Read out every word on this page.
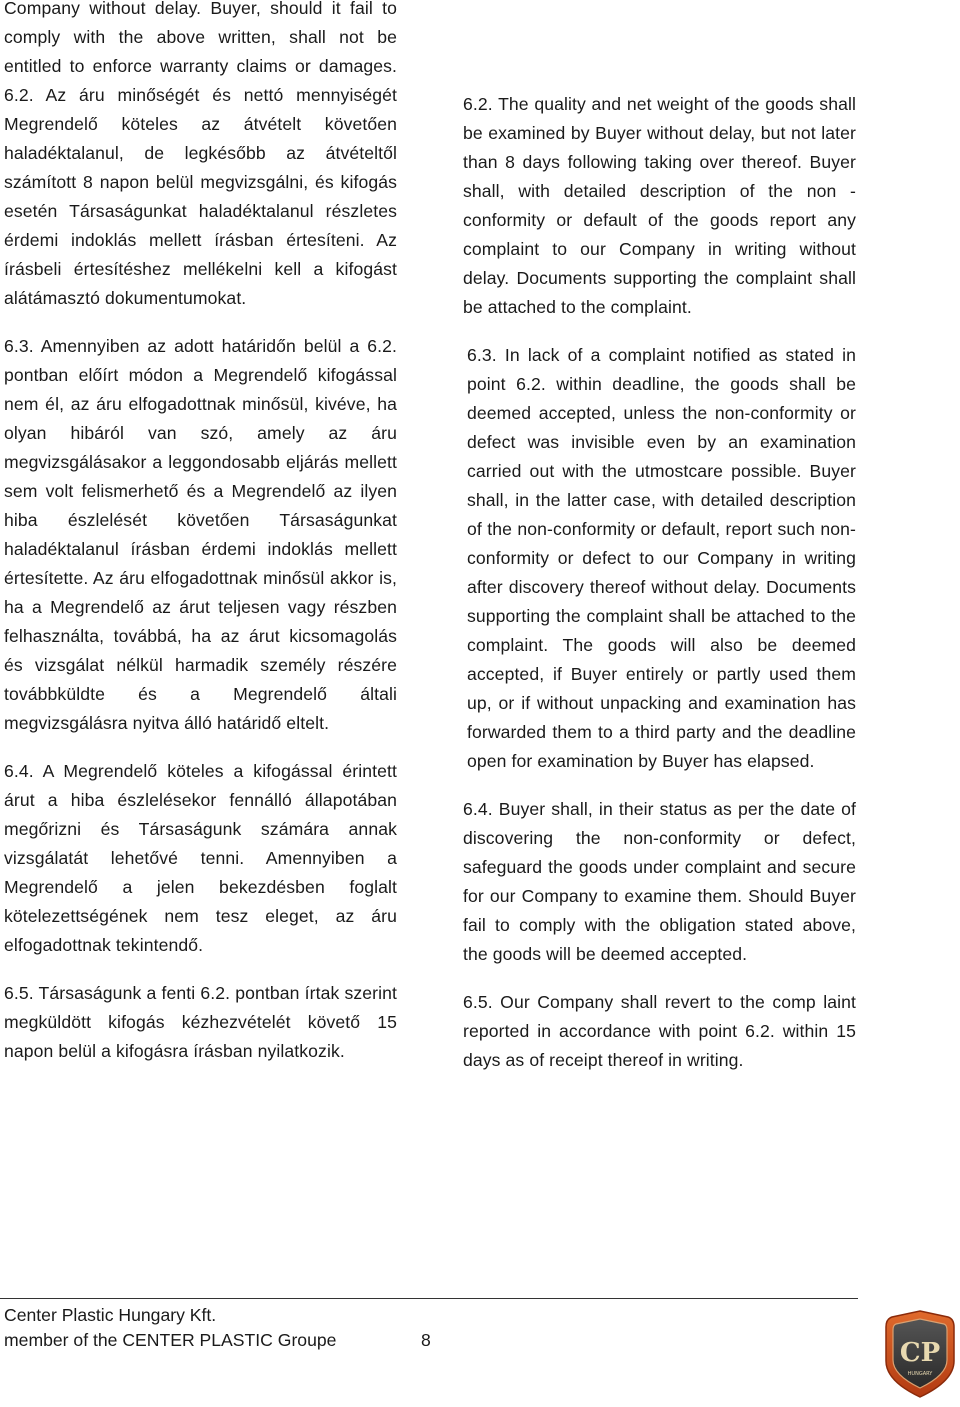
Company without delay. Buyer, should it fail to comply with the above written, shall not be entitled to enforce warranty claims or damages. 6.2. Az áru minőségét és nettó mennyiségét Megrendelő köteles az átvételt követően haladéktalanul, de legkésőbb az átvételtől számított 8 napon belül megvizsgálni, és kifogás esetén Társaságunkat haladéktalanul részletes érdemi indoklás mellett írásban értesíteni. Az írásbeli értesítéshez mellékelni kell a kifogást alátámasztó dokumentumokat.

6.3. Amennyiben az adott határidőn belül a 6.2. pontban előírt módon a Megrendelő kifogással nem él, az áru elfogadottnak minősül, kivéve, ha olyan hibáról van szó, amely az áru megvizsgálásakor a leggondosabb eljárás mellett sem volt felismerhető és a Megrendelő az ilyen hiba észlelését követően Társaságunkat haladéktalanul írásban érdemi indoklás mellett értesítette. Az áru elfogadottnak minősül akkor is, ha a Megrendelő az árut teljesen vagy részben felhasználta, továbbá, ha az árut kicsomagolás és vizsgálat nélkül harmadik személy részére továbbküldte és a Megrendelő általi megvizsgálásra nyitva álló határidő eltelt.

6.4. A Megrendelő köteles a kifogással érintett árut a hiba észlelésekor fennálló állapotában megőrizni és Társaságunk számára annak vizsgálatát lehetővé tenni. Amennyiben a Megrendelő a jelen bekezdésben foglalt kötelezettségének nem tesz eleget, az áru elfogadottnak tekintendő.

6.5. Társaságunk a fenti 6.2. pontban írtak szerint megküldött kifogás kézhezvételét követő 15 napon belül a kifogásra írásban nyilatkozik.

6.2. The quality and net weight of the goods shall be examined by Buyer without delay, but not later than 8 days following taking over thereof. Buyer shall, with detailed description of the non -conformity or default of the goods report any complaint to our Company in writing without delay. Documents supporting the complaint shall be attached to the complaint.

6.3. In lack of a complaint notified as stated in point 6.2. within deadline, the goods shall be deemed accepted, unless the non-conformity or defect was invisible even by an examination carried out with the utmostcare possible. Buyer shall, in the latter case, with detailed description of the non-conformity or default, report such non-conformity or defect to our Company in writing after discovery thereof without delay. Documents supporting the complaint shall be attached to the complaint. The goods will also be deemed accepted, if Buyer entirely or partly used them up, or if without unpacking and examination has forwarded them to a third party and the deadline open for examination by Buyer has elapsed.

6.4. Buyer shall, in their status as per the date of discovering the non-conformity or defect, safeguard the goods under complaint and secure for our Company to examine them. Should Buyer fail to comply with the obligation stated above, the goods will be deemed accepted.

6.5. Our Company shall revert to the comp laint reported in accordance with point 6.2. within 15 days as of receipt thereof in writing.

Center Plastic Hungary Kft.
member of the CENTER PLASTIC Groupe	8	CP
HUNGARY
